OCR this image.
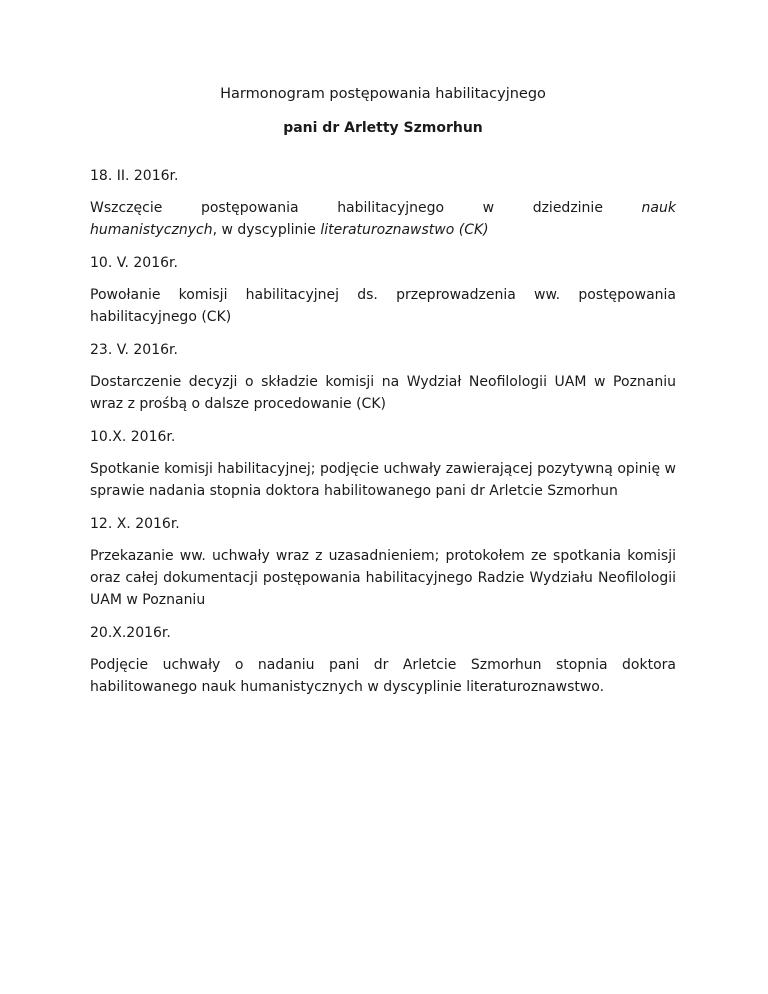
Harmonogram postępowania habilitacyjnego
pani dr Arletty Szmorhun
18. II. 2016r.
Wszczęcie	postępowania	habilitacyjnego	w	dziedzinie	nauk
humanistycznych, w dyscyplinie literaturoznawstwo (CK)
10. V. 2016r.
Powołanie komisji habilitacyjnej ds. przeprowadzenia ww. postępowania habilitacyjnego (CK)
23. V. 2016r.
Dostarczenie decyzji o składzie komisji na Wydział Neofilologii UAM w Poznaniu wraz z prośbą o dalsze procedowanie (CK)
10.X. 2016r.
Spotkanie komisji habilitacyjnej; podjęcie uchwały zawierającej pozytywną opinię w sprawie nadania stopnia doktora habilitowanego pani dr Arletcie Szmorhun
12. X. 2016r.
Przekazanie ww. uchwały wraz z uzasadnieniem; protokołem ze spotkania komisji oraz całej dokumentacji postępowania habilitacyjnego Radzie Wydziału Neofilologii UAM w Poznaniu
20.X.2016r.
Podjęcie uchwały o nadaniu pani dr Arletcie Szmorhun stopnia doktora habilitowanego nauk humanistycznych w dyscyplinie literaturoznawstwo.
